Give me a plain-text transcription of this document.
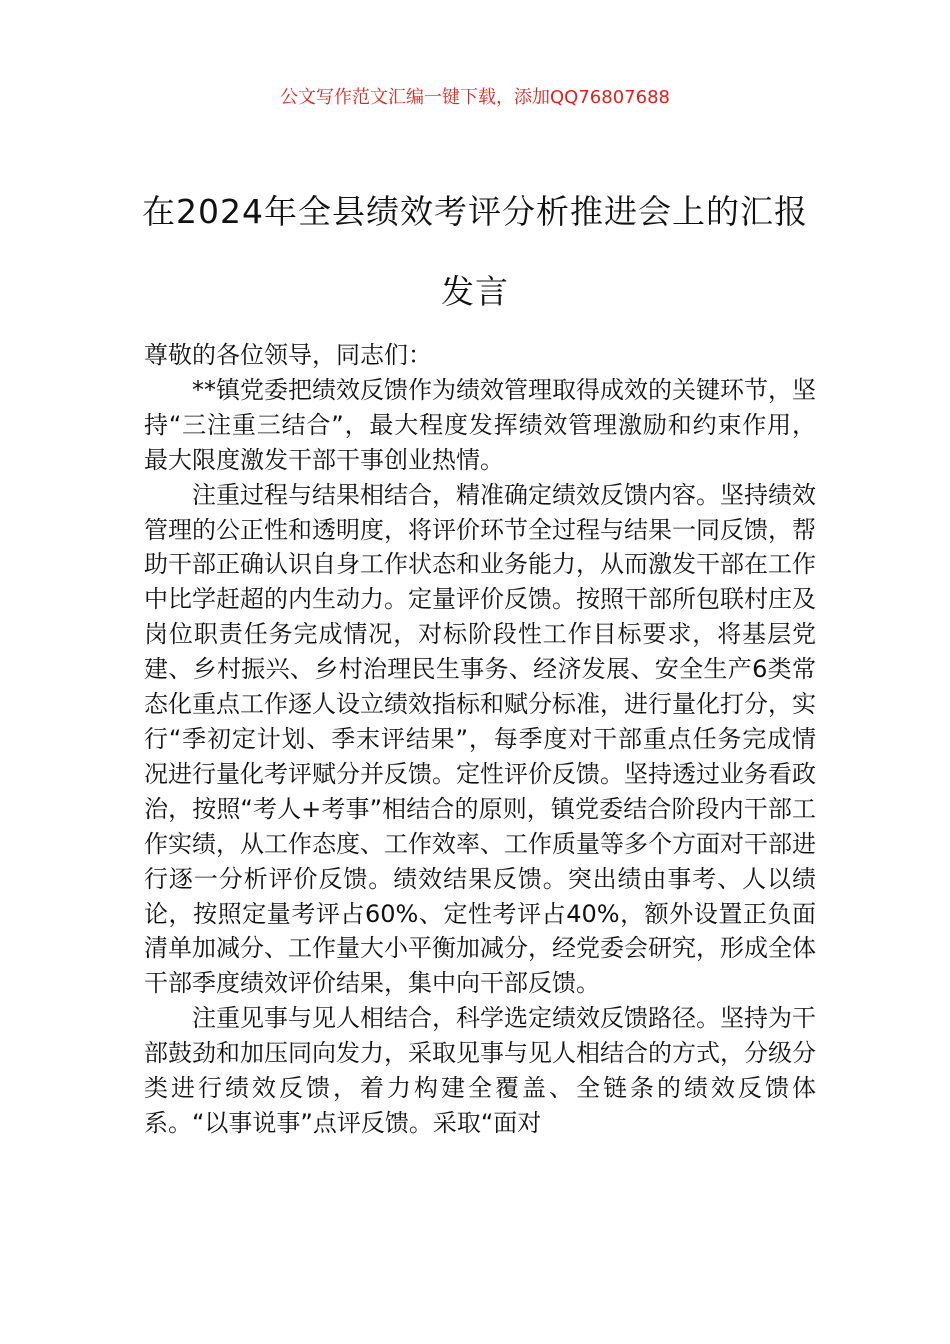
公文写作范文汇编一键下载，添加QQ76807688
在2024年全县绩效考评分析推进会上的汇报发言

尊敬的各位领导，同志们：

**镇党委把绩效反馈作为绩效管理取得成效的关键环节，坚持“三注重三结合”，最大程度发挥绩效管理激励和约束作用，最大限度激发干部干事创业热情。

注重过程与结果相结合，精准确定绩效反馈内容。坚持绩效管理的公正性和透明度，将评价环节全过程与结果一同反馈，帮助干部正确认识自身工作状态和业务能力，从而激发干部在工作中比学赶超的内生动力。定量评价反馈。按照干部所包联村庄及岗位职责任务完成情况，对标阶段性工作目标要求，将基层党建、乡村振兴、乡村治理民生事务、经济发展、安全生产6类常态化重点工作逐人设立绩效指标和赋分标准，进行量化打分，实行“季初定计划、季末评结果”，每季度对干部重点任务完成情况进行量化考评赋分并反馈。定性评价反馈。坚持透过业务看政治，按照“考人+考事”相结合的原则，镇党委结合阶段内干部工作实绩，从工作态度、工作效率、工作质量等多个方面对干部进行逐一分析评价反馈。绩效结果反馈。突出绩由事考、人以绩论，按照定量考评占60%、定性考评占40%，额外设置正负面清单加减分、工作量大小平衡加减分，经党委会研究，形成全体干部季度绩效评价结果，集中向干部反馈。

注重见事与见人相结合，科学选定绩效反馈路径。坚持为干部鼓劲和加压同向发力，采取见事与见人相结合的方式，分级分类进行绩效反馈，着力构建全覆盖、全链条的绩效反馈体系。“以事说事”点评反馈。采取“面对
